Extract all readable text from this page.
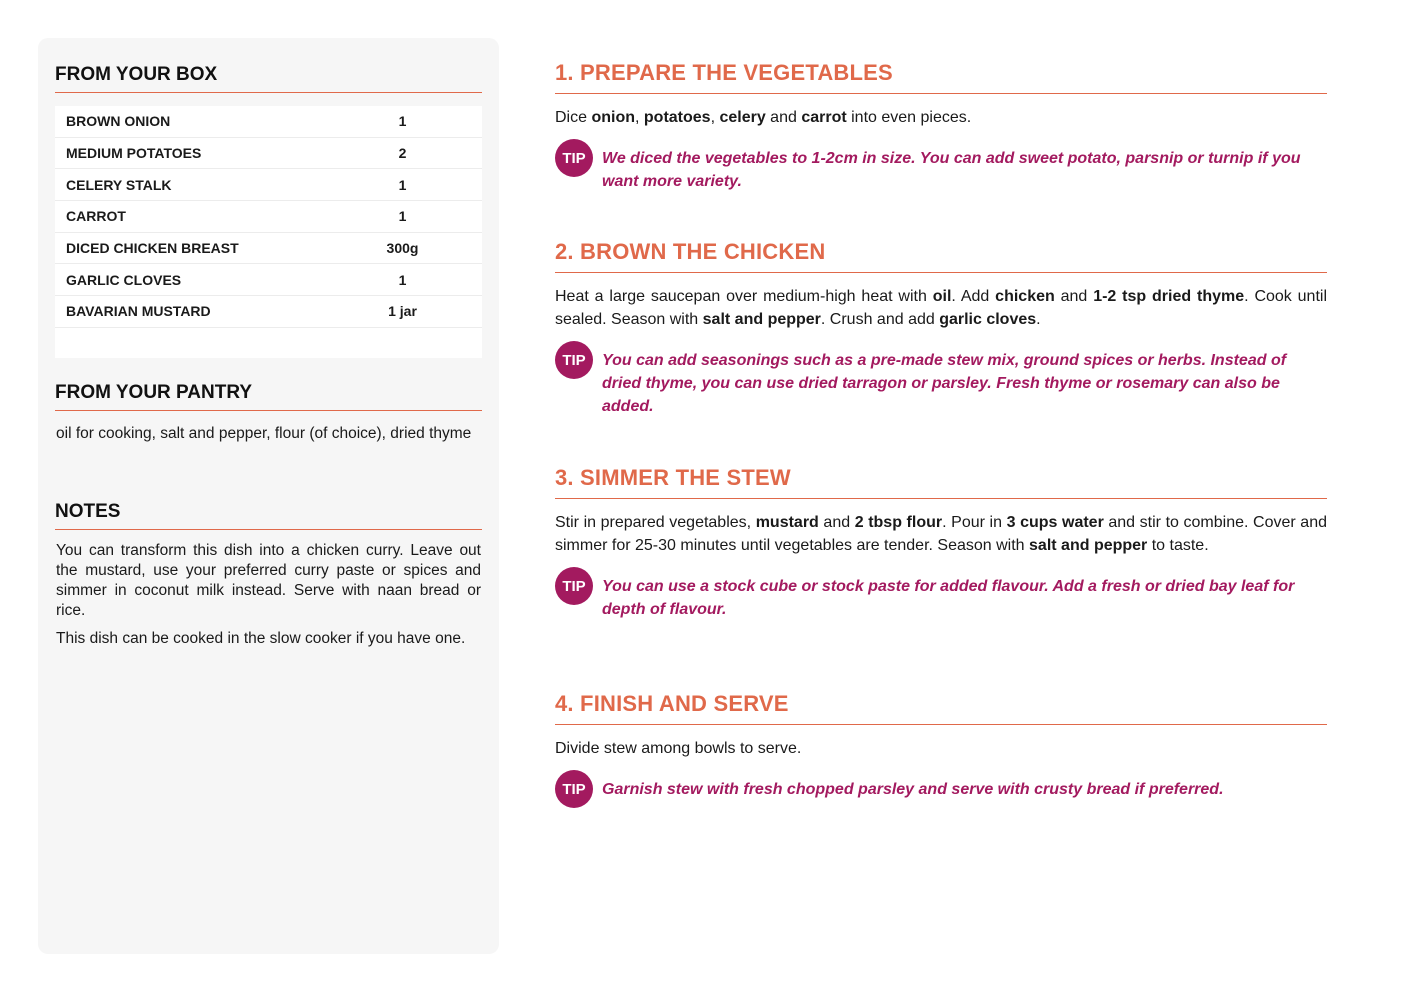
FROM YOUR BOX
BROWN ONION	1
MEDIUM POTATOES	2
CELERY STALK	1
CARROT	1
DICED CHICKEN BREAST	300g
GARLIC CLOVES	1
BAVARIAN MUSTARD	1 jar
FROM YOUR PANTRY
oil for cooking, salt and pepper, flour (of choice), dried thyme
NOTES

You can transform this dish into a chicken curry. Leave out the mustard, use your preferred curry paste or spices and simmer in coconut milk instead. Serve with naan bread or rice.

This dish can be cooked in the slow cooker if you have one.

1. PREPARE THE VEGETABLES
Dice onion, potatoes, celery and carrot into even pieces.
TIP	We diced the vegetables to 1-2cm in size. You can add sweet potato, parsnip or turnip if you want more variety.
2. BROWN THE CHICKEN
Heat a large saucepan over medium-high heat with oil. Add chicken and 1-2 tsp dried thyme. Cook until sealed. Season with salt and pepper. Crush and add garlic cloves.
TIP	You can add seasonings such as a pre-made stew mix, ground spices or herbs. Instead of dried thyme, you can use dried tarragon or parsley. Fresh thyme or rosemary can also be added.
3. SIMMER THE STEW
Stir in prepared vegetables, mustard and 2 tbsp flour. Pour in 3 cups water and stir to combine. Cover and simmer for 25-30 minutes until vegetables are tender. Season with salt and pepper to taste.
TIP	You can use a stock cube or stock paste for added flavour. Add a fresh or dried bay leaf for depth of flavour.
4. FINISH AND SERVE
Divide stew among bowls to serve.
TIP	Garnish stew with fresh chopped parsley and serve with crusty bread if preferred.
